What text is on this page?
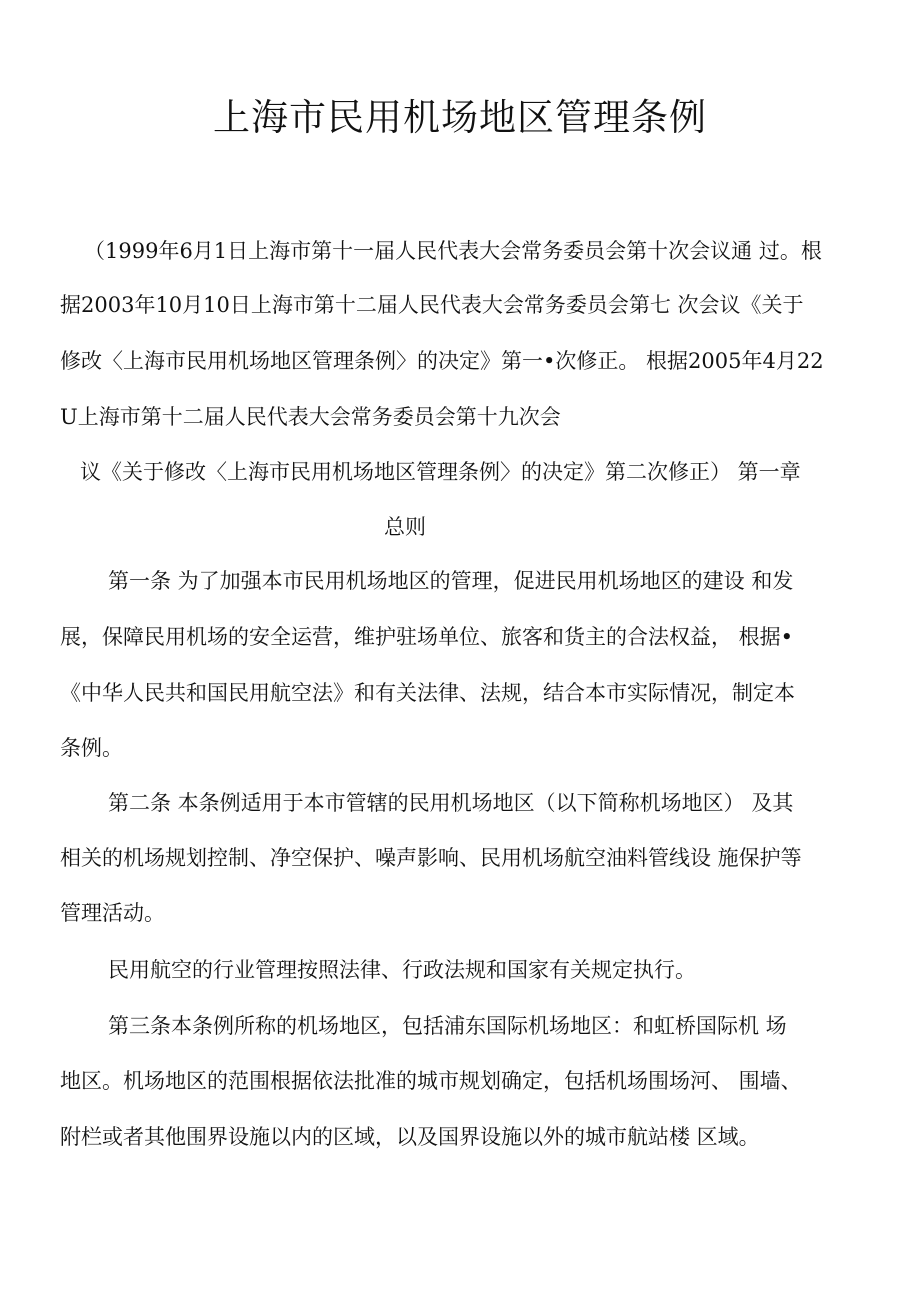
上海市民用机场地区管理条例

（1999年6月1日上海市第十一届人民代表大会常务委员会第十次会议通 过。根

据2003年10月10日上海市第十二届人民代表大会常务委员会第七 次会议《关于

修改〈上海市民用机场地区管理条例〉的决定》第一•次修正。 根据2005年4月22

U上海市第十二届人民代表大会常务委员会第十九次会

议《关于修改〈上海市民用机场地区管理条例〉的决定》第二次修正） 第一章

总则

第一条 为了加强本市民用机场地区的管理，促进民用机场地区的建设 和发

展，保障民用机场的安全运营，维护驻场单位、旅客和货主的合法权益， 根据•

《中华人民共和国民用航空法》和有关法律、法规，结合本市实际情况，制定本

条例。

第二条 本条例适用于本市管辖的民用机场地区（以下简称机场地区） 及其

相关的机场规划控制、净空保护、噪声影响、民用机场航空油料管线设 施保护等

管理活动。

民用航空的行业管理按照法律、行政法规和国家有关规定执行。

第三条本条例所称的机场地区，包括浦东国际机场地区：和虹桥国际机 场

地区。机场地区的范围根据依法批准的城市规划确定，包括机场围场河、 围墙、

附栏或者其他围界设施以内的区域，以及国界设施以外的城市航站楼 区域。
